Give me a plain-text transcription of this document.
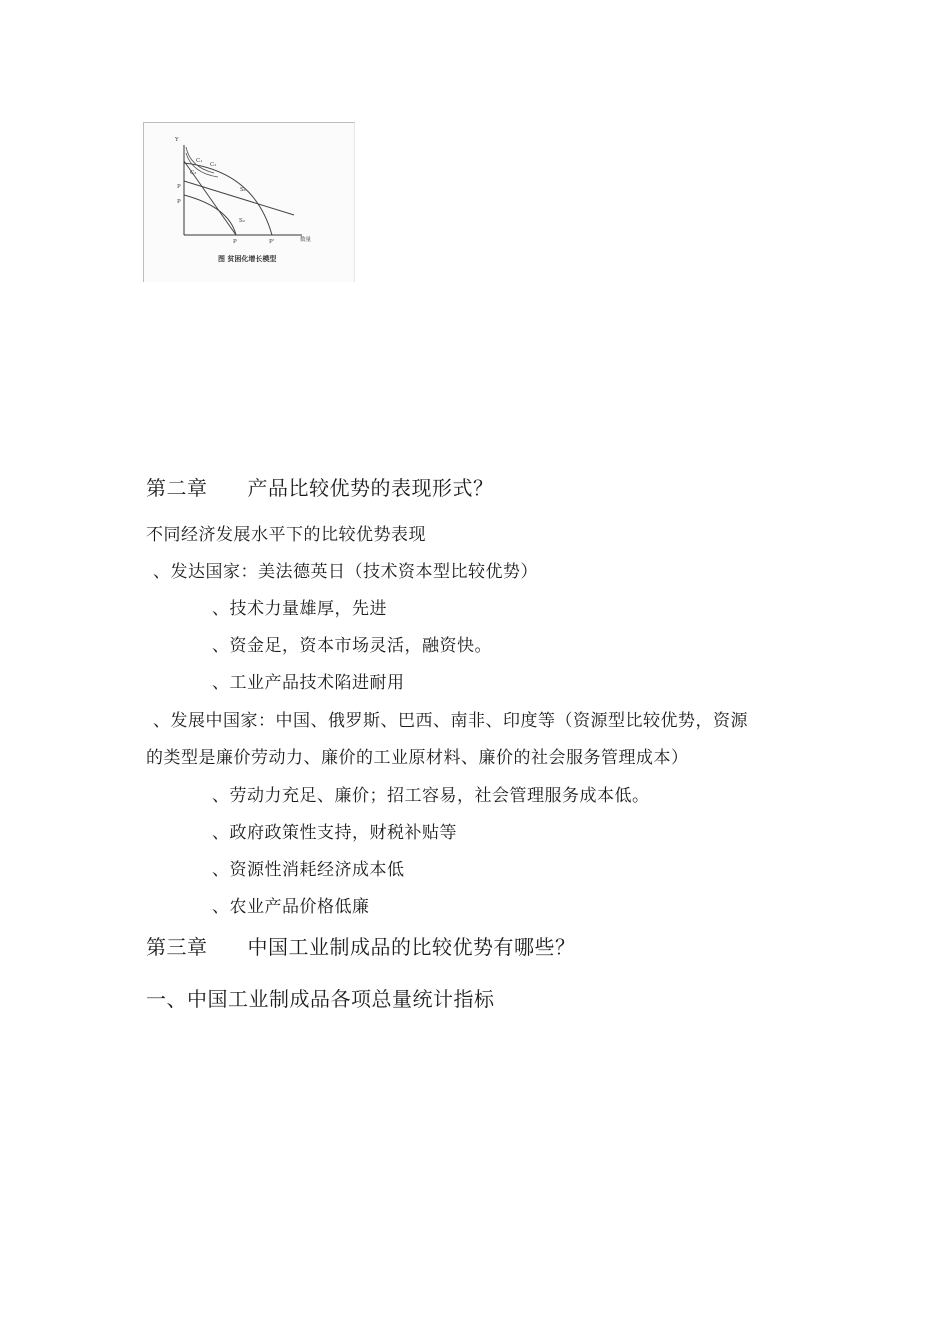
Y
C₁
C₂
C₃
P
P
S₁
S₂
P	P'	数量
图 贫困化增长模型
第二章 产品比较优势的表现形式？
不同经济发展水平下的比较优势表现
、发达国家：美法德英日（技术资本型比较优势）
、技术力量雄厚，先进
、资金足，资本市场灵活，融资快。
、工业产品技术陷进耐用
、发展中国家：中国、俄罗斯、巴西、南非、印度等（资源型比较优势，资源
的类型是廉价劳动力、廉价的工业原材料、廉价的社会服务管理成本）
、劳动力充足、廉价；招工容易，社会管理服务成本低。
、政府政策性支持，财税补贴等
、资源性消耗经济成本低
、农业产品价格低廉
第三章 中国工业制成品的比较优势有哪些？
一、中国工业制成品各项总量统计指标
